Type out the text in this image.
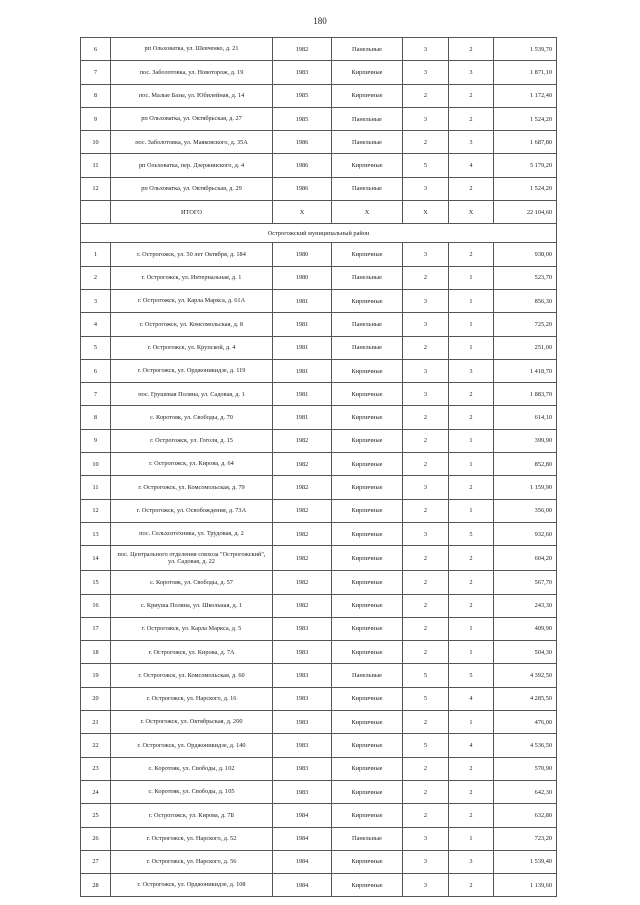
180
6	рп Ольховатка, ул. Шевченко, д. 21	1982	Панельные	3	2	1 539,70
7	пос. Заболотовка, ул. Новоторож, д. 19	1983	Кирпичные	3	3	1 871,10
8	пос. Малые Базы, ул. Юбилейная, д. 14	1985	Кирпичные	2	2	1 172,40
9	рп Ольховатка, ул. Октябрьская, д. 27	1985	Панельные	3	2	1 524,20
10	пос. Заболотовка, ул. Маяковского, д. 35А	1986	Панельные	2	3	1 687,80
11	рп Ольховатка, пер. Дзержинского, д. 4	1986	Кирпичные	5	4	5 179,20
12	рп Ольховатка, ул. Октябрьская, д. 29	1986	Панельные	3	2	1 524,20
	ИТОГО	Х	Х	Х	Х	22 104,60
Острогожский муниципальный район						
1	г. Острогожск, ул. 50 лет Октября, д. 184	1980	Кирпичные	3	2	938,00
2	г. Острогожск, ул. Интернальная, д. 1	1980	Панельные	2	1	523,70
3	г. Острогожск, ул. Карла Маркса, д. 61А	1981	Кирпичные	3	1	856,30
4	г. Острогожск, ул. Комсомольская, д. 8	1981	Панельные	3	1	725,20
5	г. Острогожск, ул. Крупской, д. 4	1981	Панельные	2	1	251,00
6	г. Острогожск, ул. Орджоникидзе, д. 119	1981	Кирпичные	3	3	1 418,70
7	пос. Грушевая Поляна, ул. Садовая, д. 1	1981	Кирпичные	3	2	1 883,70
8	с. Коротояк, ул. Свободы, д. 70	1981	Кирпичные	2	2	614,10
9	г. Острогожск, ул. Гоголя, д. 15	1982	Кирпичные	2	1	399,90
10	г. Острогожск, ул. Кирова, д. 64	1982	Кирпичные	2	1	852,80
11	г. Острогожск, ул. Комсомольская, д. 79	1982	Кирпичные	3	2	1 159,90
12	г. Острогожск, ул. Освобождения, д. 73А	1982	Кирпичные	2	1	356,00
13	пос. Сельхозтехника, ул. Трудовая, д. 2	1982	Кирпичные	3	5	932,60
14	пос. Центрального отделения совхоза "Острогожский", ул. Садовая, д. 22	1982	Кирпичные	2	2	604,20
15	с. Коротояк, ул. Свободы, д. 57	1982	Кирпичные	2	2	567,70
16	с. Криуша Поляна, ул. Школьная, д. 1	1982	Кирпичные	2	2	243,30
17	г. Острогожск, ул. Карла Маркса, д. 5	1983	Кирпичные	2	1	409,90
18	г. Острогожск, ул. Кирова, д. 7А	1983	Кирпичные	2	1	504,30
19	г. Острогожск, ул. Комсомольская, д. 60	1983	Панельные	5	5	4 392,50
20	г. Острогожск, ул. Нарского, д. 16	1983	Кирпичные	5	4	4 285,50
21	г. Острогожск, ул. Октябрьская, д. 200	1983	Кирпичные	2	1	476,00
22	г. Острогожск, ул. Орджоникидзе, д. 140	1983	Кирпичные	5	4	4 536,50
23	с. Коротояк, ул. Свободы, д. 102	1983	Кирпичные	2	2	570,90
24	с. Коротояк, ул. Свободы, д. 105	1983	Кирпичные	2	2	642,30
25	г. Острогожск, ул. Кирова, д. 7Б	1984	Кирпичные	2	2	632,80
26	г. Острогожск, ул. Нарского, д. 52	1984	Панельные	3	1	723,20
27	г. Острогожск, ул. Нарского, д. 56	1984	Кирпичные	3	3	1 539,40
28	г. Острогожск, ул. Орджоникидзе, д. 108	1984	Кирпичные	3	2	1 139,60
